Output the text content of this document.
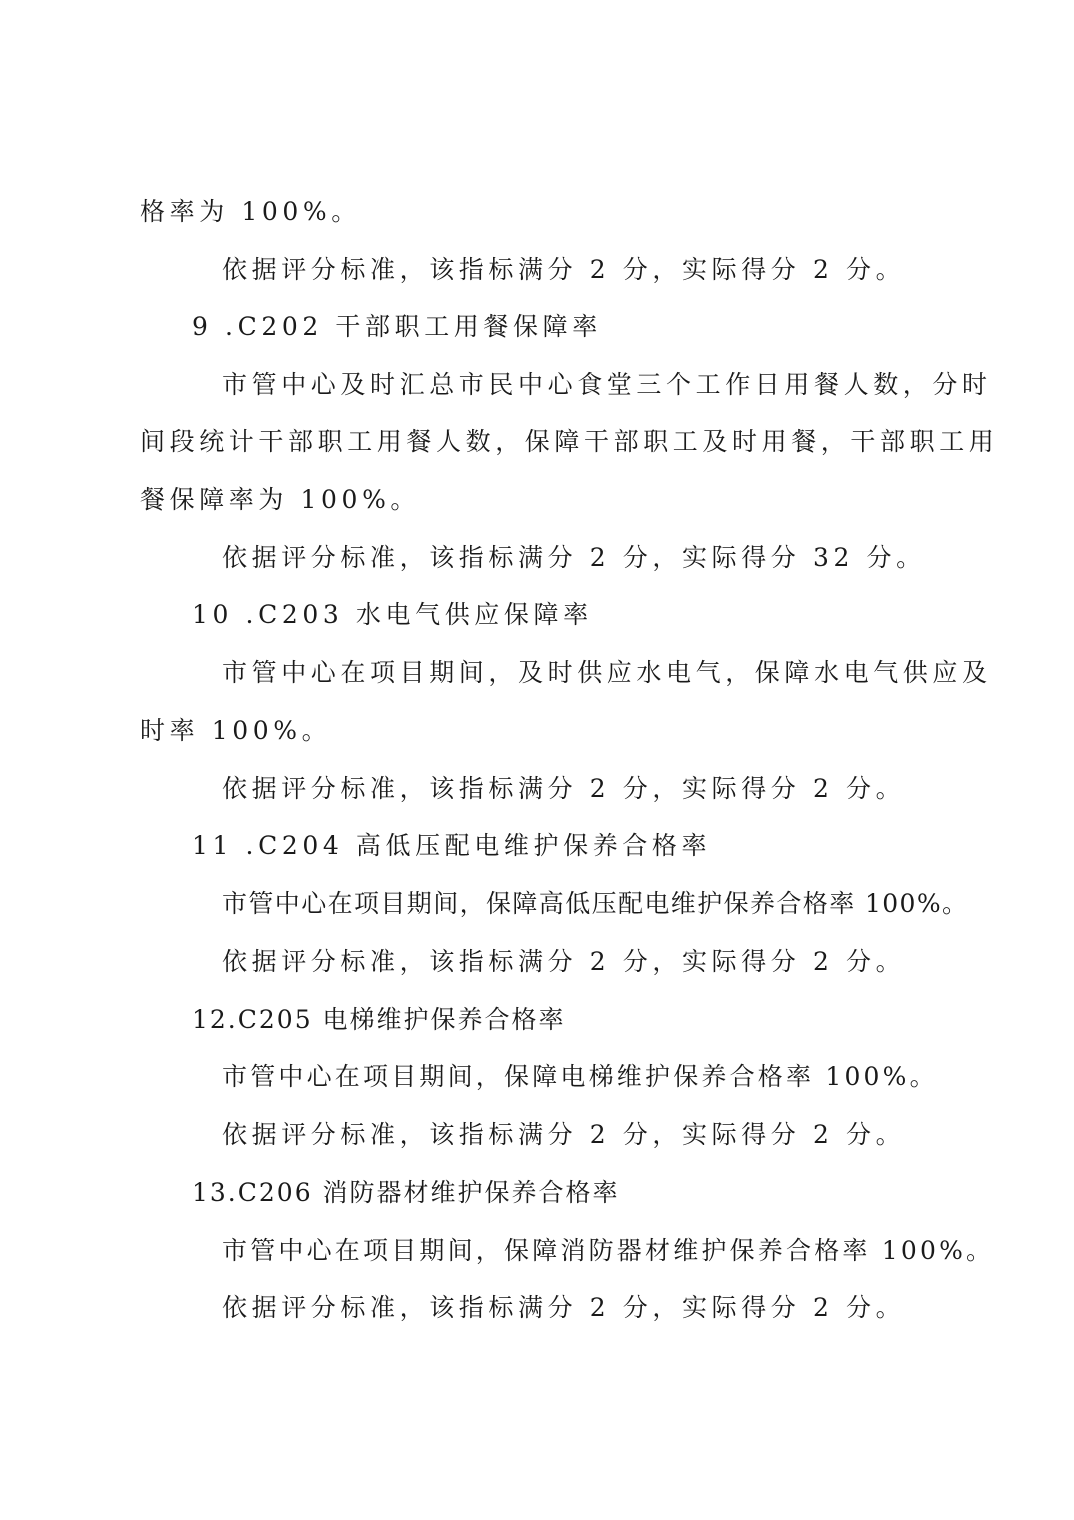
格率为 100%。
依据评分标准，该指标满分 2 分，实际得分 2 分。
9 .C202 干部职工用餐保障率
市管中心及时汇总市民中心食堂三个工作日用餐人数，分时
间段统计干部职工用餐人数，保障干部职工及时用餐，干部职工用
餐保障率为 100%。
依据评分标准，该指标满分 2 分，实际得分 32 分。
10 .C203 水电气供应保障率
市管中心在项目期间，及时供应水电气，保障水电气供应及
时率 100%。
依据评分标准，该指标满分 2 分，实际得分 2 分。
11 .C204 高低压配电维护保养合格率
市管中心在项目期间，保障高低压配电维护保养合格率 100%。
依据评分标准，该指标满分 2 分，实际得分 2 分。
12.C205 电梯维护保养合格率
市管中心在项目期间，保障电梯维护保养合格率 100%。
依据评分标准，该指标满分 2 分，实际得分 2 分。
13.C206 消防器材维护保养合格率
市管中心在项目期间，保障消防器材维护保养合格率 100%。
依据评分标准，该指标满分 2 分，实际得分 2 分。
